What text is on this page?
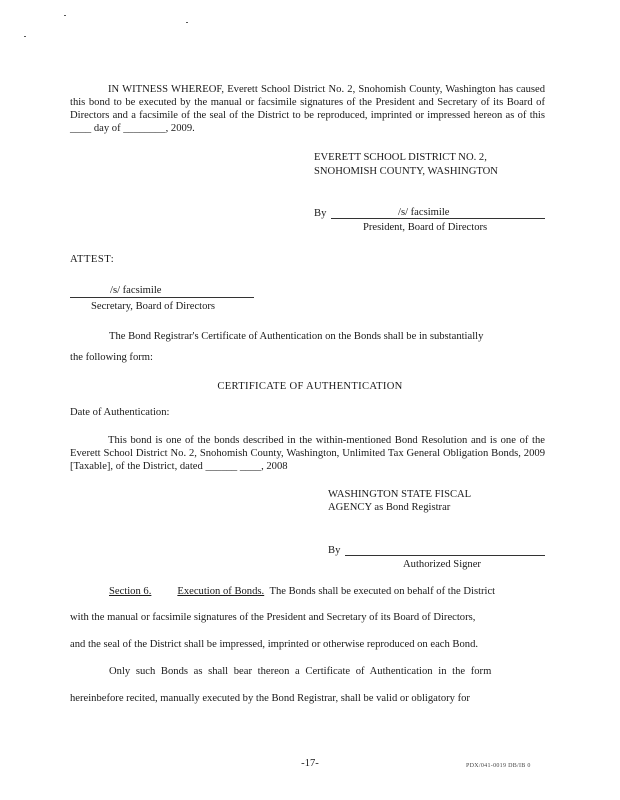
IN WITNESS WHEREOF, Everett School District No. 2, Snohomish County, Washington has caused this bond to be executed by the manual or facsimile signatures of the President and Secretary of its Board of Directors and a facsimile of the seal of the District to be reproduced, imprinted or impressed hereon as of this ____ day of ________, 2009.
EVERETT SCHOOL DISTRICT NO. 2,
SNOHOMISH COUNTY, WASHINGTON
By	/s/ facsimile
President, Board of Directors
ATTEST:
/s/ facsimile
Secretary, Board of Directors
The Bond Registrar's Certificate of Authentication on the Bonds shall be in substantially
the following form:
CERTIFICATE OF AUTHENTICATION
Date of Authentication:
This bond is one of the bonds described in the within-mentioned Bond Resolution and is one of the Everett School District No. 2, Snohomish County, Washington, Unlimited Tax General Obligation Bonds, 2009 [Taxable], of the District, dated ______ ____, 2008
WASHINGTON STATE FISCAL
AGENCY as Bond Registrar
By
Authorized Signer
Section 6. Execution of Bonds. The Bonds shall be executed on behalf of the District
with the manual or facsimile signatures of the President and Secretary of its Board of Directors,
and the seal of the District shall be impressed, imprinted or otherwise reproduced on each Bond.
Only such Bonds as shall bear thereon a Certificate of Authentication in the form
hereinbefore recited, manually executed by the Bond Registrar, shall be valid or obligatory for
-17-	PDX/041-0019 DB/IB 0
